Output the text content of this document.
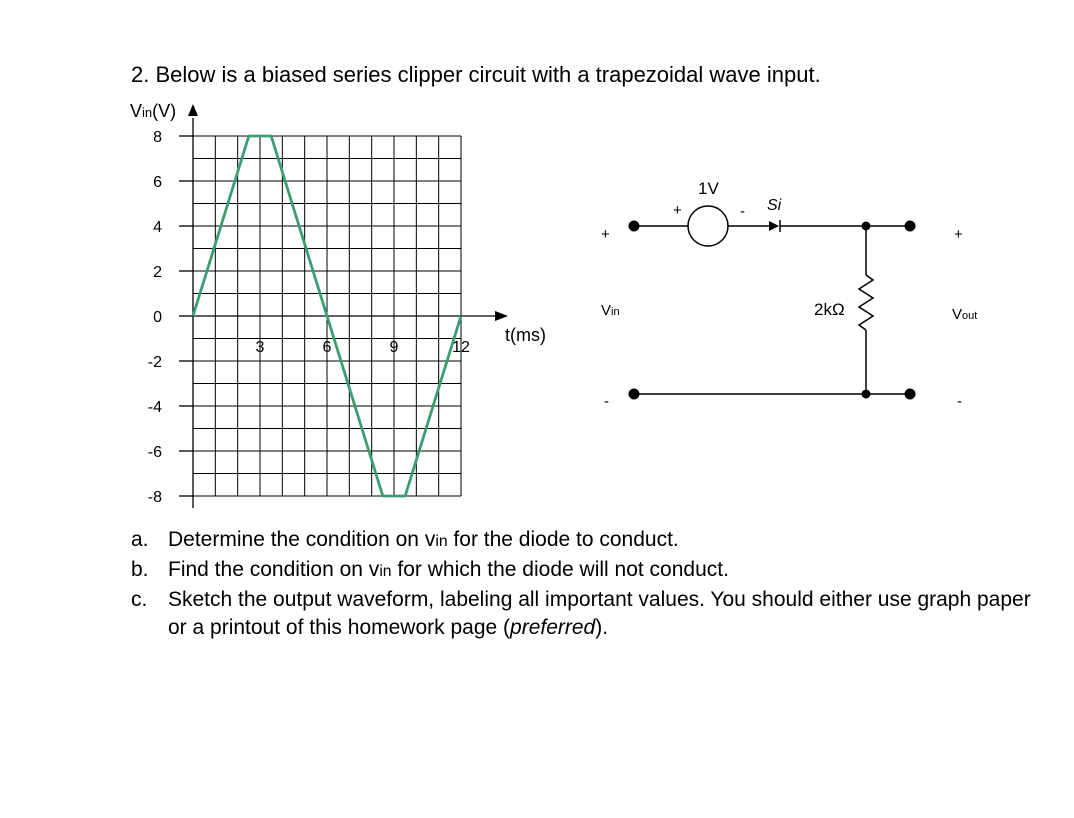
2. Below is a biased series clipper circuit with a trapezoidal wave input.
Vin(V)
8
6
4
2
0
-2
-4
-6
-8
3	6	9	12
t(ms)
1V
+	- Si
2kΩ
+
-
+
-
Vin	Vout
a. Determine the condition on vin for the diode to conduct.
b. Find the condition on vin for which the diode will not conduct.
c. Sketch the output waveform, labeling all important values. You should either use graph paper or a printout of this homework page (preferred).
